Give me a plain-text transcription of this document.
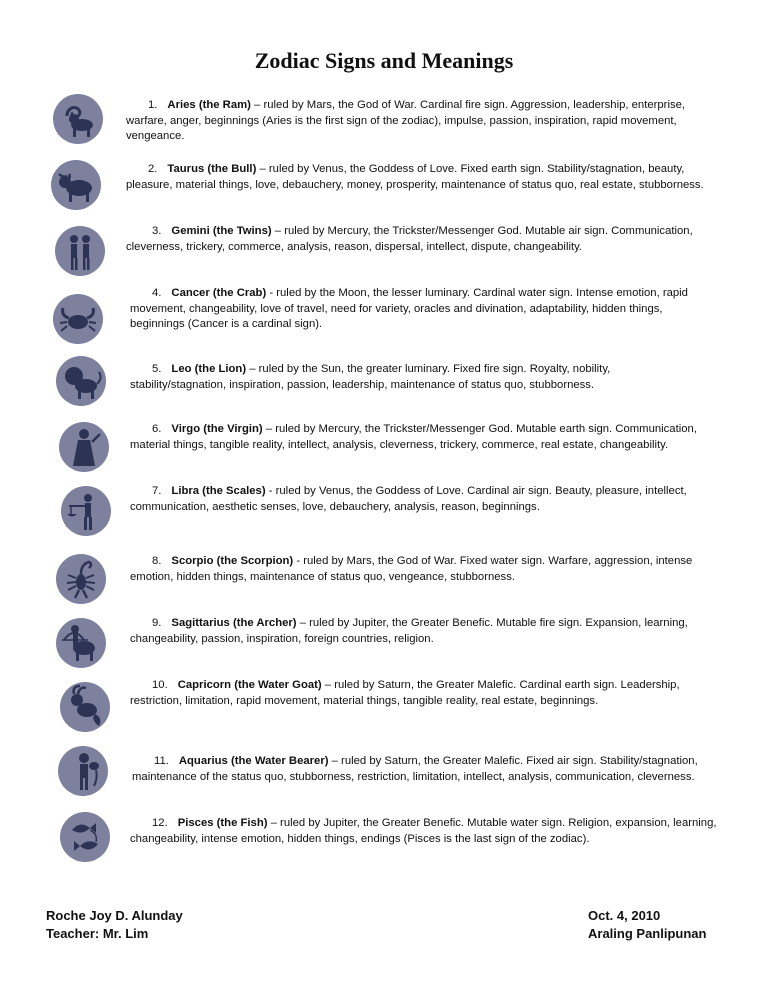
Zodiac Signs and Meanings
1. Aries (the Ram) – ruled by Mars, the God of War. Cardinal fire sign. Aggression, leadership, enterprise, warfare, anger, beginnings (Aries is the first sign of the zodiac), impulse, passion, inspiration, rapid movement, vengeance.
2. Taurus (the Bull) – ruled by Venus, the Goddess of Love. Fixed earth sign. Stability/stagnation, beauty, pleasure, material things, love, debauchery, money, prosperity, maintenance of status quo, real estate, stubborness.
3. Gemini (the Twins) – ruled by Mercury, the Trickster/Messenger God. Mutable air sign. Communication, cleverness, trickery, commerce, analysis, reason, dispersal, intellect, dispute, changeability.
4. Cancer (the Crab) - ruled by the Moon, the lesser luminary. Cardinal water sign. Intense emotion, rapid movement, changeability, love of travel, need for variety, oracles and divination, adaptability, hidden things, beginnings (Cancer is a cardinal sign).
5. Leo (the Lion) – ruled by the Sun, the greater luminary. Fixed fire sign. Royalty, nobility, stability/stagnation, inspiration, passion, leadership, maintenance of status quo, stubborness.
6. Virgo (the Virgin) – ruled by Mercury, the Trickster/Messenger God. Mutable earth sign. Communication, material things, tangible reality, intellect, analysis, cleverness, trickery, commerce, real estate, changeability.
7. Libra (the Scales) - ruled by Venus, the Goddess of Love. Cardinal air sign. Beauty, pleasure, intellect, communication, aesthetic senses, love, debauchery, analysis, reason, beginnings.
8. Scorpio (the Scorpion) - ruled by Mars, the God of War. Fixed water sign. Warfare, aggression, intense emotion, hidden things, maintenance of status quo, vengeance, stubborness.
9. Sagittarius (the Archer) – ruled by Jupiter, the Greater Benefic. Mutable fire sign. Expansion, learning, changeability, passion, inspiration, foreign countries, religion.
10. Capricorn (the Water Goat) – ruled by Saturn, the Greater Malefic. Cardinal earth sign. Leadership, restriction, limitation, rapid movement, material things, tangible reality, real estate, beginnings.
11. Aquarius (the Water Bearer) – ruled by Saturn, the Greater Malefic. Fixed air sign. Stability/stagnation, maintenance of the status quo, stubborness, restriction, limitation, intellect, analysis, communication, cleverness.
12. Pisces (the Fish) – ruled by Jupiter, the Greater Benefic. Mutable water sign. Religion, expansion, learning, changeability, intense emotion, hidden things, endings (Pisces is the last sign of the zodiac).
Roche Joy D. Alunday
Teacher: Mr. Lim
Oct. 4, 2010
Araling Panlipunan
